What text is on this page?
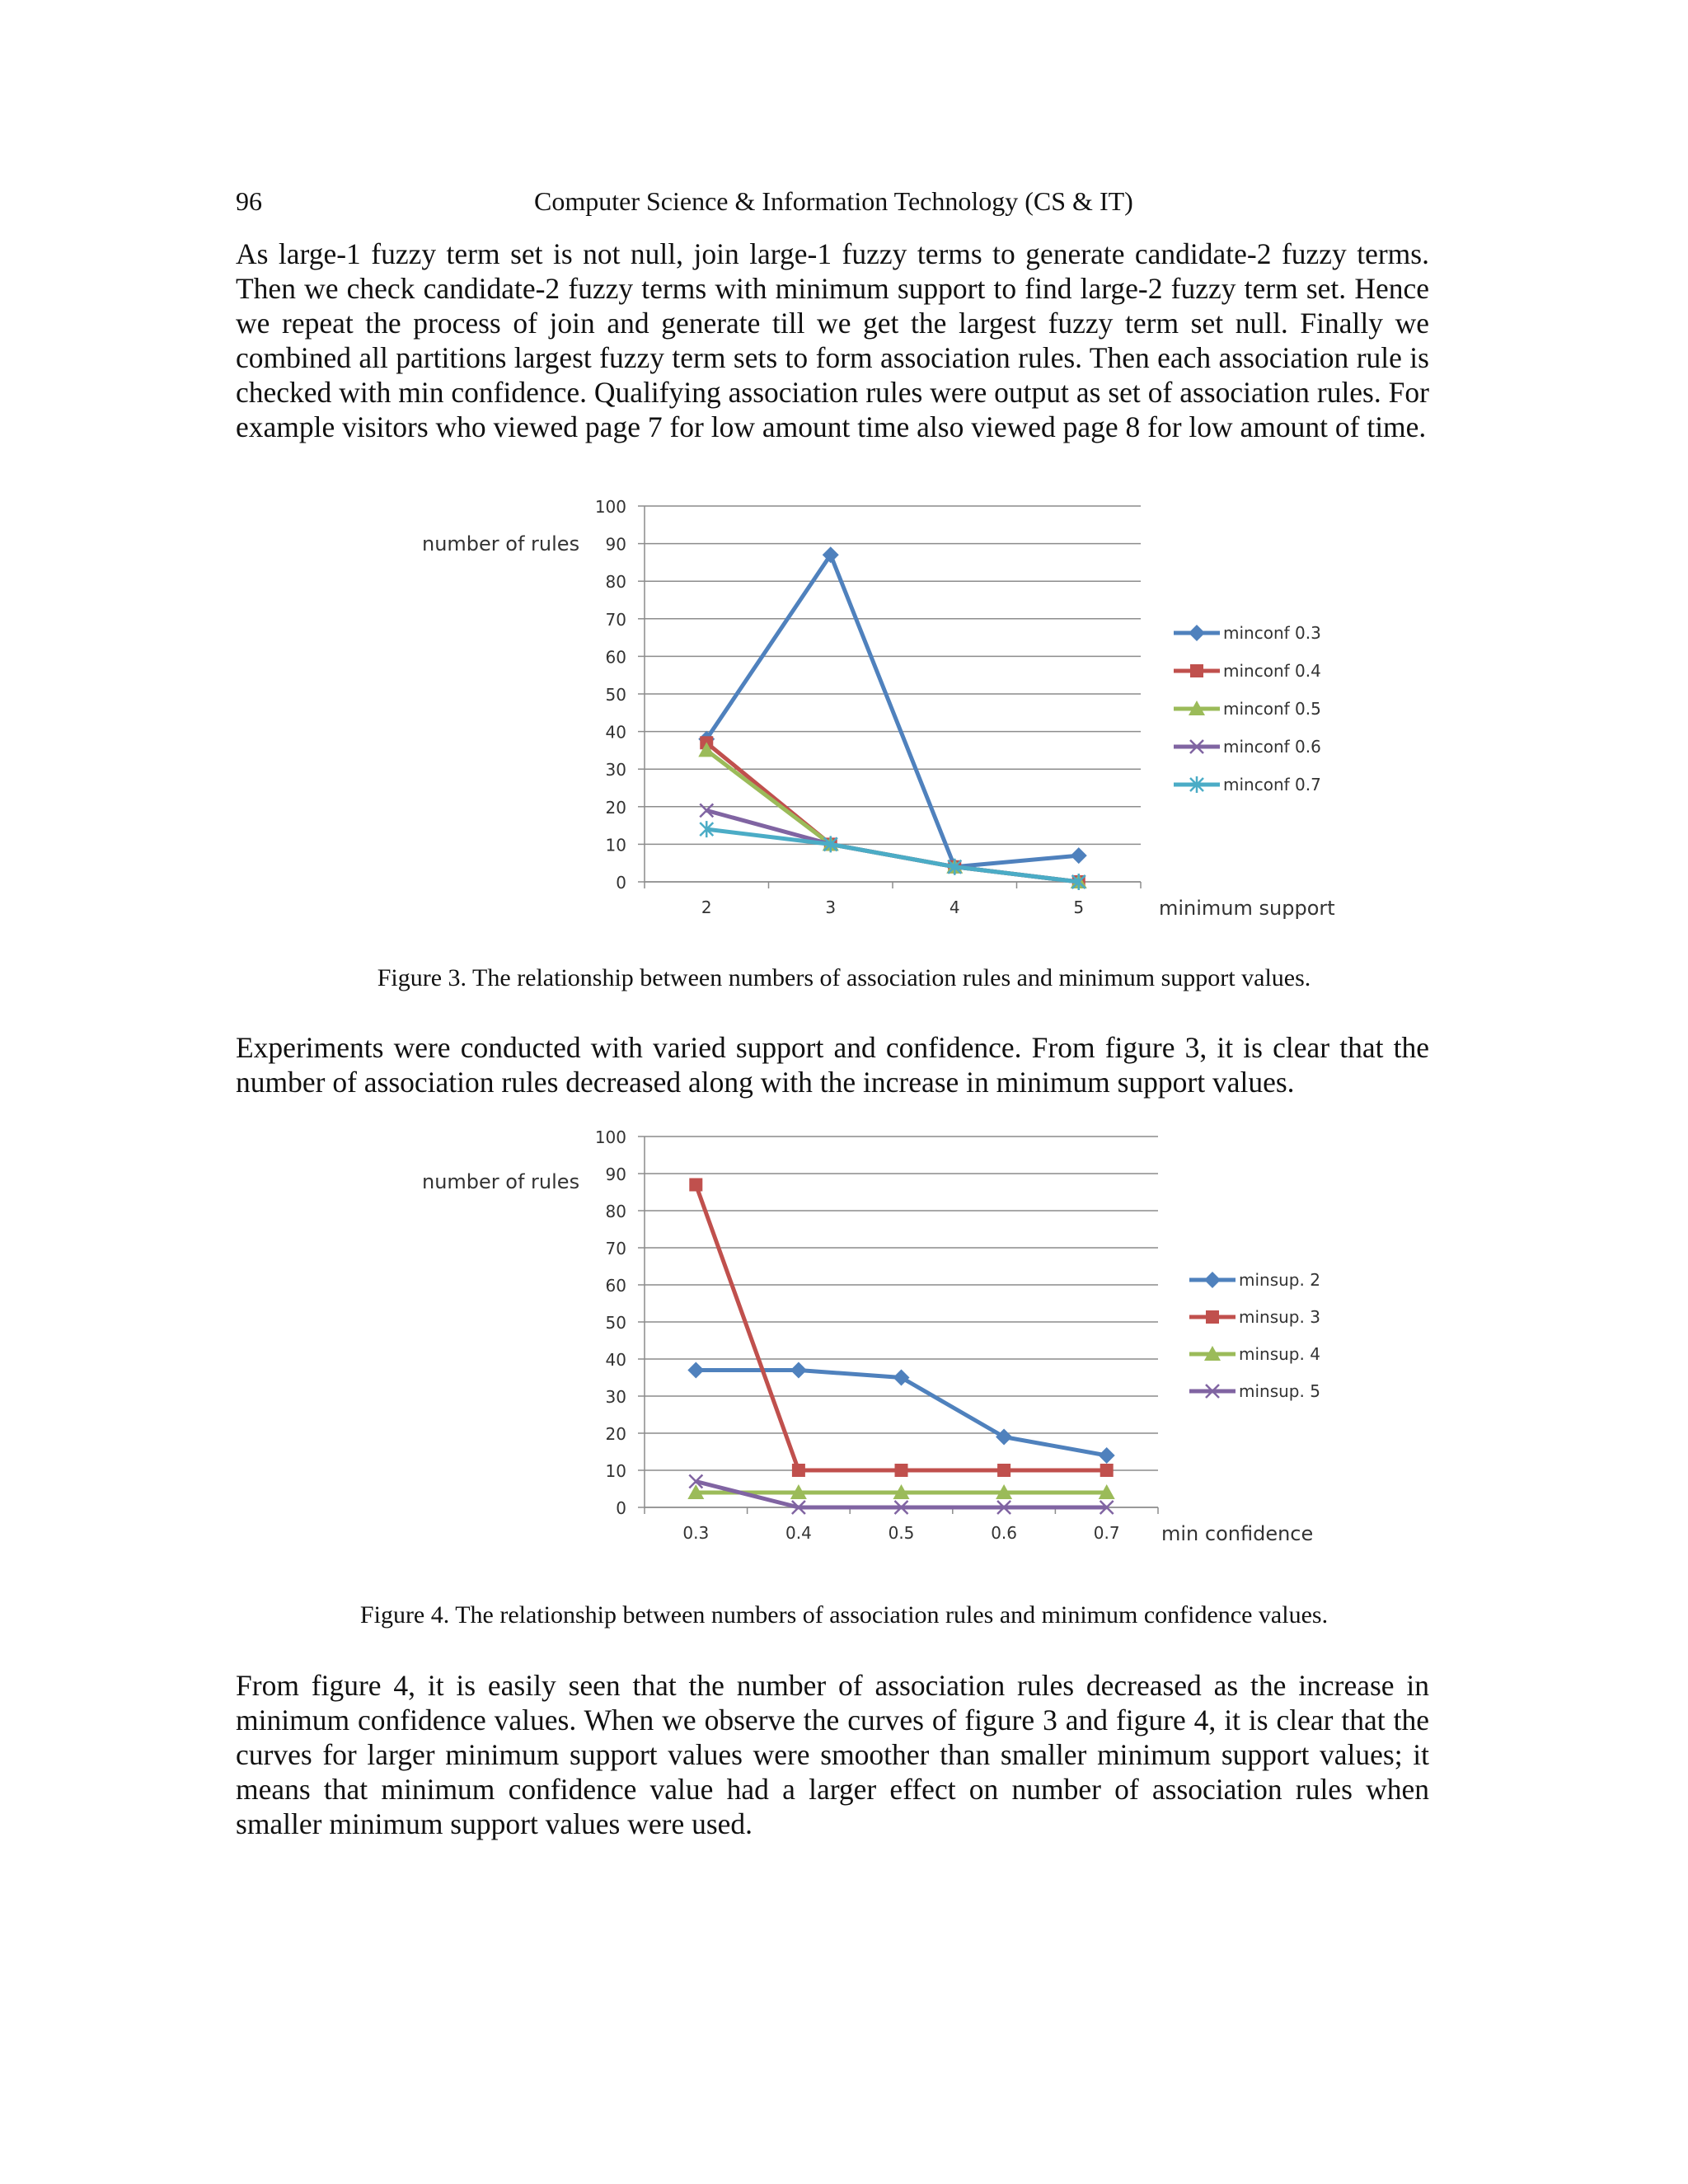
96	Computer Science & Information Technology (CS & IT)

As large-1 fuzzy term set is not null, join large-1 fuzzy terms to generate candidate-2 fuzzy terms. Then we check candidate-2 fuzzy terms with minimum support to find large-2 fuzzy term set. Hence we repeat the process of join and generate till we get the largest fuzzy term set null. Finally we combined all partitions largest fuzzy term sets to form association rules. Then each association rule is checked with min confidence. Qualifying association rules were output as set of association rules. For example visitors who viewed page 7 for low amount time also viewed page 8 for low amount of time.

0
10
20
30
40
50
60
70
80
90
100
2	3	4	5
number of rules
minimum support
minconf 0.3
minconf 0.4
minconf 0.5
minconf 0.6
minconf 0.7
Figure 3. The relationship between numbers of association rules and minimum support values.

Experiments were conducted with varied support and confidence. From figure 3, it is clear that the number of association rules decreased along with the increase in minimum support values.

0
10
20
30
40
50
60
70
80
90
100
0.3	0.4	0.5	0.6	0.7
number of rules
min confidence
minsup. 2
minsup. 3
minsup. 4
minsup. 5
Figure 4. The relationship between numbers of association rules and minimum confidence values.

From figure 4, it is easily seen that the number of association rules decreased as the increase in minimum confidence values. When we observe the curves of figure 3 and figure 4, it is clear that the curves for larger minimum support values were smoother than smaller minimum support values; it means that minimum confidence value had a larger effect on number of association rules when smaller minimum support values were used.
